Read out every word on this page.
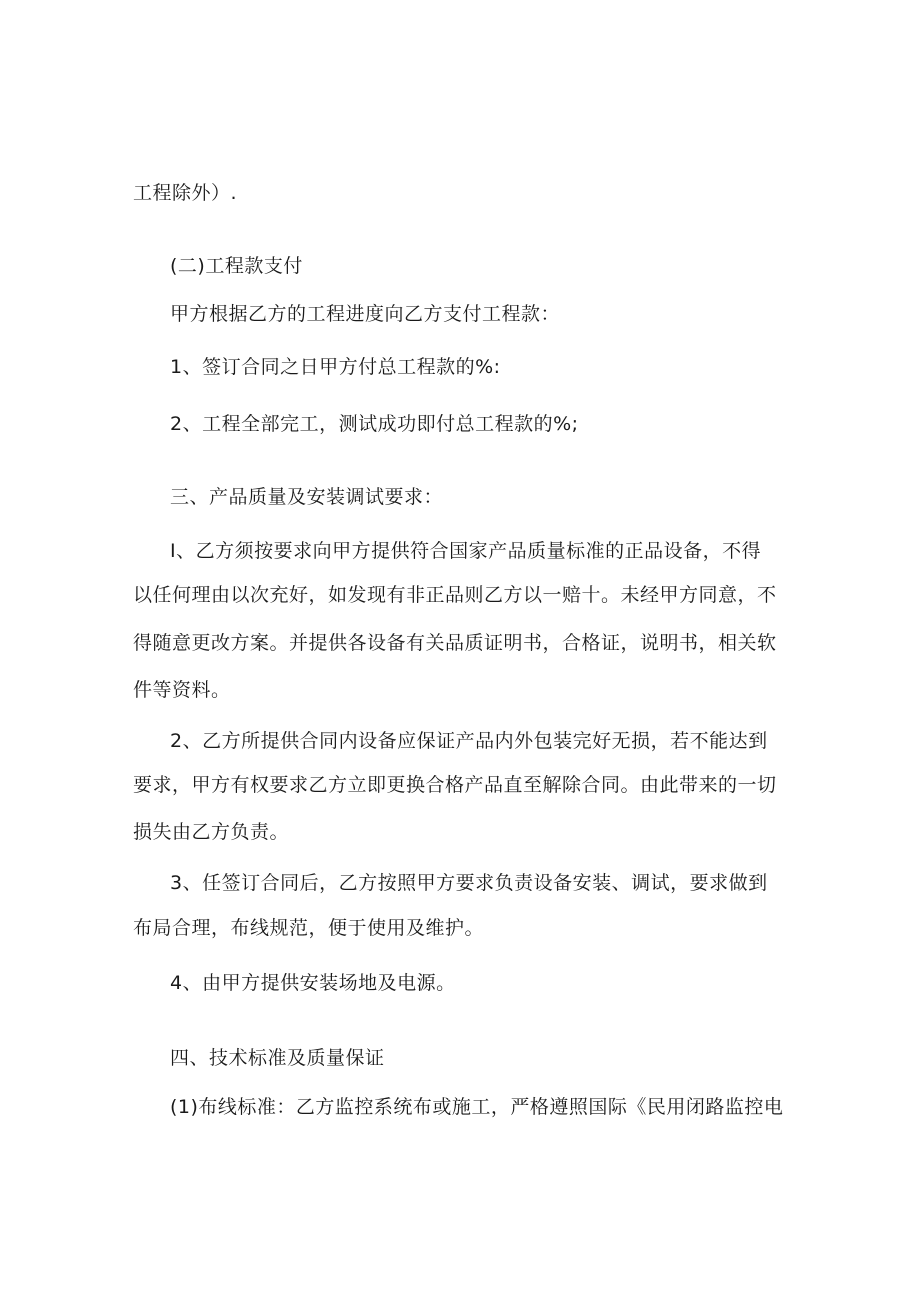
工程除外）.
(二)工程款支付
甲方根据乙方的工程进度向乙方支付工程款：
1、签订合同之日甲方付总工程款的%:
2、工程全部完工，测试成功即付总工程款的%;
三、产品质量及安装调试要求：
I、乙方须按要求向甲方提供符合国家产品质量标准的正品设备，不得
以任何理由以次充好，如发现有非正品则乙方以一赔十。未经甲方同意，不
得随意更改方案。并提供各设备有关品质证明书，合格证，说明书，相关软
件等资料。
2、乙方所提供合同内设备应保证产品内外包装完好无损，若不能达到
要求，甲方有权要求乙方立即更换合格产品直至解除合同。由此带来的一切
损失由乙方负责。
3、任签订合同后，乙方按照甲方要求负责设备安装、调试，要求做到
布局合理，布线规范，便于使用及维护。
4、由甲方提供安装场地及电源。
四、技术标准及质量保证
(1)布线标准：乙方监控系统布或施工，严格遵照国际《民用闭路监控电
